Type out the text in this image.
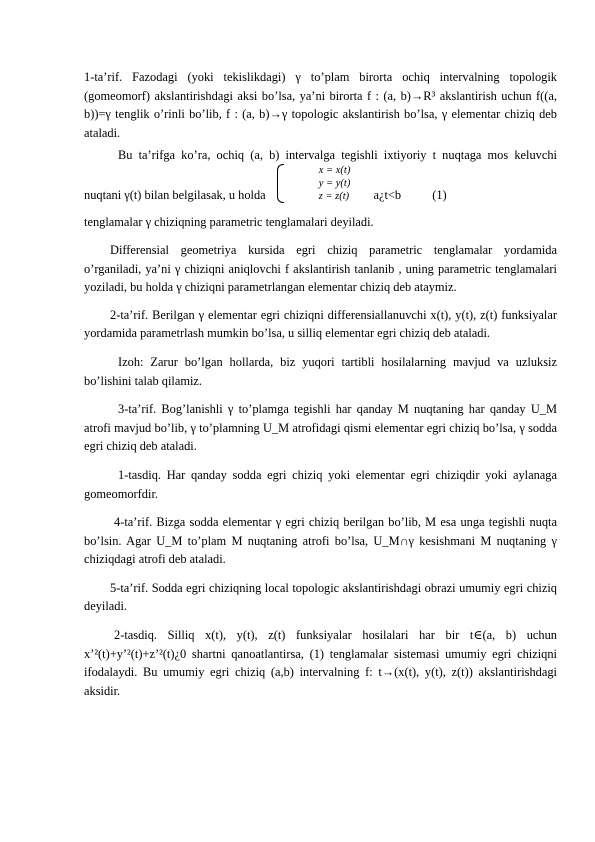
1-ta’rif. Fazodagi (yoki tekislikdagi) γ to’plam birorta ochiq intervalning topologik (gomeomorf) akslantirishdagi aksi bo’lsa, ya’ni birorta f : (a, b)→R³ akslantirish uchun f((a, b))=γ tenglik o’rinli bo’lib, f : (a, b)→γ topologic akslantirish bo’lsa, γ elementar chiziq deb ataladi.

Bu ta’rifga ko’ra, ochiq (a, b) intervalga tegishli ixtiyoriy t nuqtaga mos keluvchi nuqtani γ(t) bilan belgilasak, u holda
x = x(t)
y = y(t)
z = z(t) a¿t<b	(1)

tenglamalar γ chiziqning parametric tenglamalari deyiladi.

Differensial geometriya kursida egri chiziq parametric tenglamalar yordamida o’rganiladi, ya’ni γ chiziqni aniqlovchi f akslantirish tanlanib , uning parametric tenglamalari yoziladi, bu holda γ chiziqni parametrlangan elementar chiziq deb ataymiz.

2-ta’rif. Berilgan γ elementar egri chiziqni differensiallanuvchi x(t), y(t), z(t) funksiyalar yordamida parametrlash mumkin bo’lsa, u silliq elementar egri chiziq deb ataladi.

Izoh: Zarur bo’lgan hollarda, biz yuqori tartibli hosilalarning mavjud va uzluksiz bo’lishini talab qilamiz.

3-ta’rif. Bog’lanishli γ to’plamga tegishli har qanday M nuqtaning har qanday U_M atrofi mavjud bo’lib, γ to’plamning U_M atrofidagi qismi elementar egri chiziq bo’lsa, γ sodda egri chiziq deb ataladi.

1-tasdiq. Har qanday sodda egri chiziq yoki elementar egri chiziqdir yoki aylanaga gomeomorfdir.

4-ta’rif. Bizga sodda elementar γ egri chiziq berilgan bo’lib, M esa unga tegishli nuqta bo’lsin. Agar U_M to’plam M nuqtaning atrofi bo’lsa, U_M∩γ kesishmani M nuqtaning γ chiziqdagi atrofi deb ataladi.

5-ta’rif. Sodda egri chiziqning local topologic akslantirishdagi obrazi umumiy egri chiziq deyiladi.

2-tasdiq. Silliq x(t), y(t), z(t) funksiyalar hosilalari har bir t∈(a, b) uchun x’²(t)+y’²(t)+z’²(t)¿0 shartni qanoatlantirsa, (1) tenglamalar sistemasi umumiy egri chiziqni ifodalaydi. Bu umumiy egri chiziq (a,b) intervalning f: t→(x(t), y(t), z(t)) akslantirishdagi aksidir.
